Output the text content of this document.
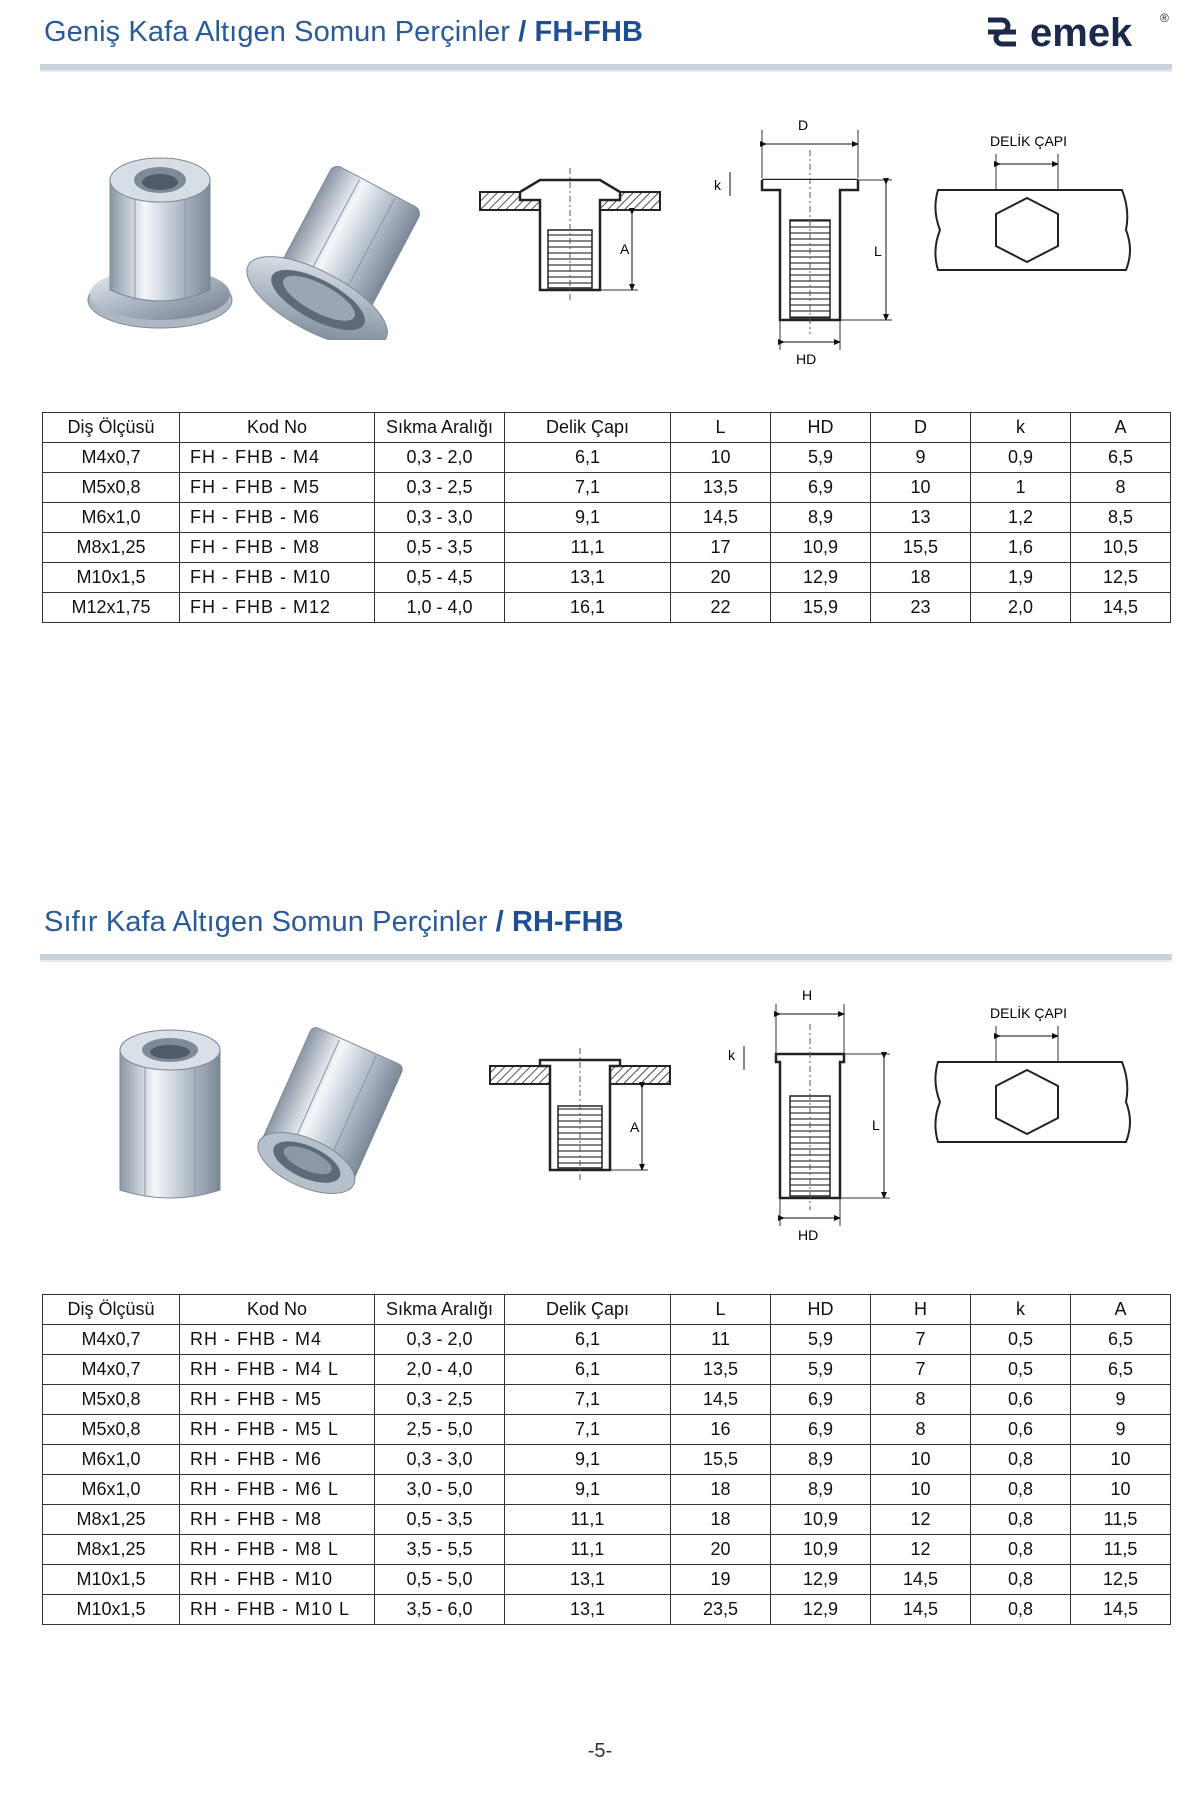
emek ®
Geniş Kafa Altıgen Somun Perçinler / FH-FHB
A
D
k
L
HD
DELİK ÇAPI
Diş Ölçüsü	Kod No	Sıkma Aralığı	Delik Çapı	L	HD	D	k	A
M4x0,7	FH - FHB - M4	0,3 - 2,0	6,1	10	5,9	9	0,9	6,5
M5x0,8	FH - FHB - M5	0,3 - 2,5	7,1	13,5	6,9	10	1	8
M6x1,0	FH - FHB - M6	0,3 - 3,0	9,1	14,5	8,9	13	1,2	8,5
M8x1,25	FH - FHB - M8	0,5 - 3,5	11,1	17	10,9	15,5	1,6	10,5
M10x1,5	FH - FHB - M10	0,5 - 4,5	13,1	20	12,9	18	1,9	12,5
M12x1,75	FH - FHB - M12	1,0 - 4,0	16,1	22	15,9	23	2,0	14,5
Sıfır Kafa Altıgen Somun Perçinler / RH-FHB
A
H
k
L
HD
DELİK ÇAPI
Diş Ölçüsü	Kod No	Sıkma Aralığı	Delik Çapı	L	HD	H	k	A
M4x0,7	RH - FHB - M4	0,3 - 2,0	6,1	11	5,9	7	0,5	6,5
M4x0,7	RH - FHB - M4 L	2,0 - 4,0	6,1	13,5	5,9	7	0,5	6,5
M5x0,8	RH - FHB - M5	0,3 - 2,5	7,1	14,5	6,9	8	0,6	9
M5x0,8	RH - FHB - M5 L	2,5 - 5,0	7,1	16	6,9	8	0,6	9
M6x1,0	RH - FHB - M6	0,3 - 3,0	9,1	15,5	8,9	10	0,8	10
M6x1,0	RH - FHB - M6 L	3,0 - 5,0	9,1	18	8,9	10	0,8	10
M8x1,25	RH - FHB - M8	0,5 - 3,5	11,1	18	10,9	12	0,8	11,5
M8x1,25	RH - FHB - M8 L	3,5 - 5,5	11,1	20	10,9	12	0,8	11,5
M10x1,5	RH - FHB - M10	0,5 - 5,0	13,1	19	12,9	14,5	0,8	12,5
M10x1,5	RH - FHB - M10 L	3,5 - 6,0	13,1	23,5	12,9	14,5	0,8	14,5
-5-
